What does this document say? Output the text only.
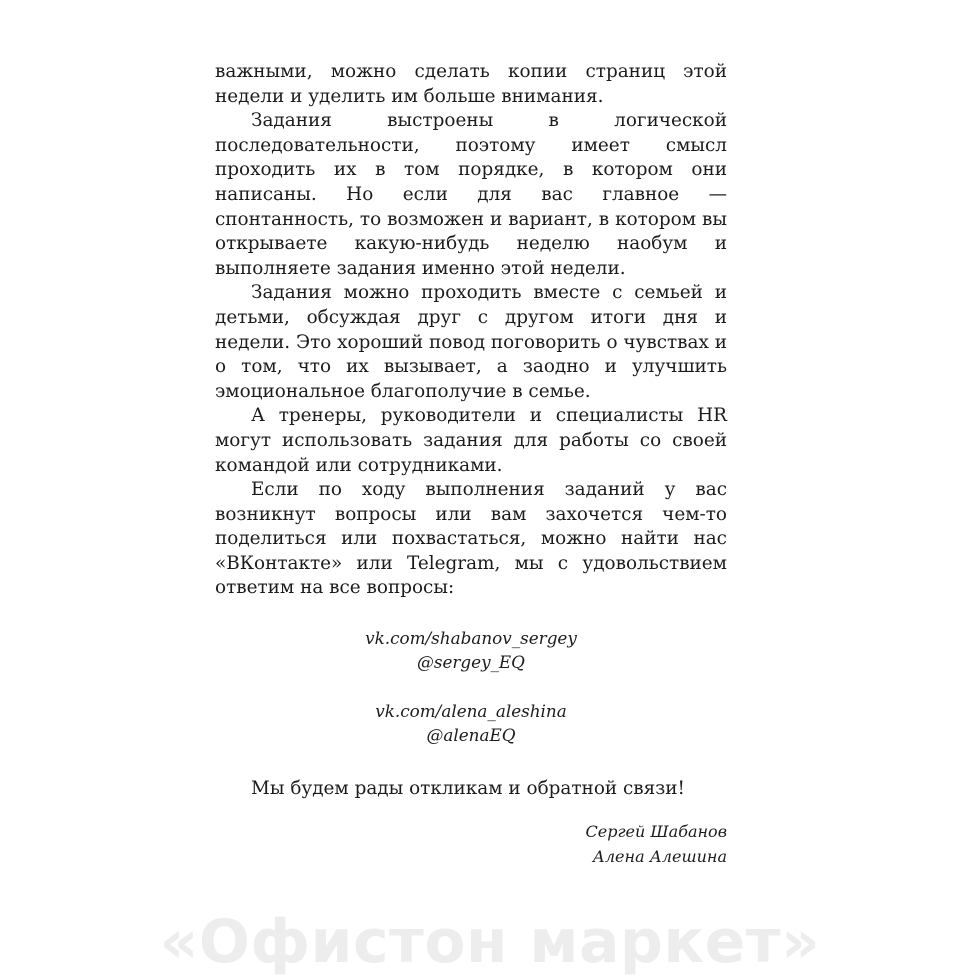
важными, можно сделать копии страниц этой недели и уделить им больше внимания.

Задания выстроены в логической последовательности, поэтому имеет смысл проходить их в том порядке, в котором они написаны. Но если для вас главное — спонтанность, то возможен и вариант, в котором вы открываете какую-нибудь неделю наобум и выполняете задания именно этой недели.

Задания можно проходить вместе с семьей и детьми, обсуждая друг с другом итоги дня и недели. Это хороший повод поговорить о чувствах и о том, что их вызывает, а заодно и улучшить эмоциональное благополучие в семье.

А тренеры, руководители и специалисты HR могут использовать задания для работы со своей командой или сотрудниками.

Если по ходу выполнения заданий у вас возникнут вопросы или вам захочется чем-то поделиться или похвастаться, можно найти нас «ВКонтакте» или Telegram, мы с удовольствием ответим на все вопросы:

vk.com/shabanov_sergey

@sergey_EQ

vk.com/alena_aleshina

@alenaEQ

Мы будем рады откликам и обратной связи!

Сергей Шабанов

Алена Алешина

«Офистон маркет»
